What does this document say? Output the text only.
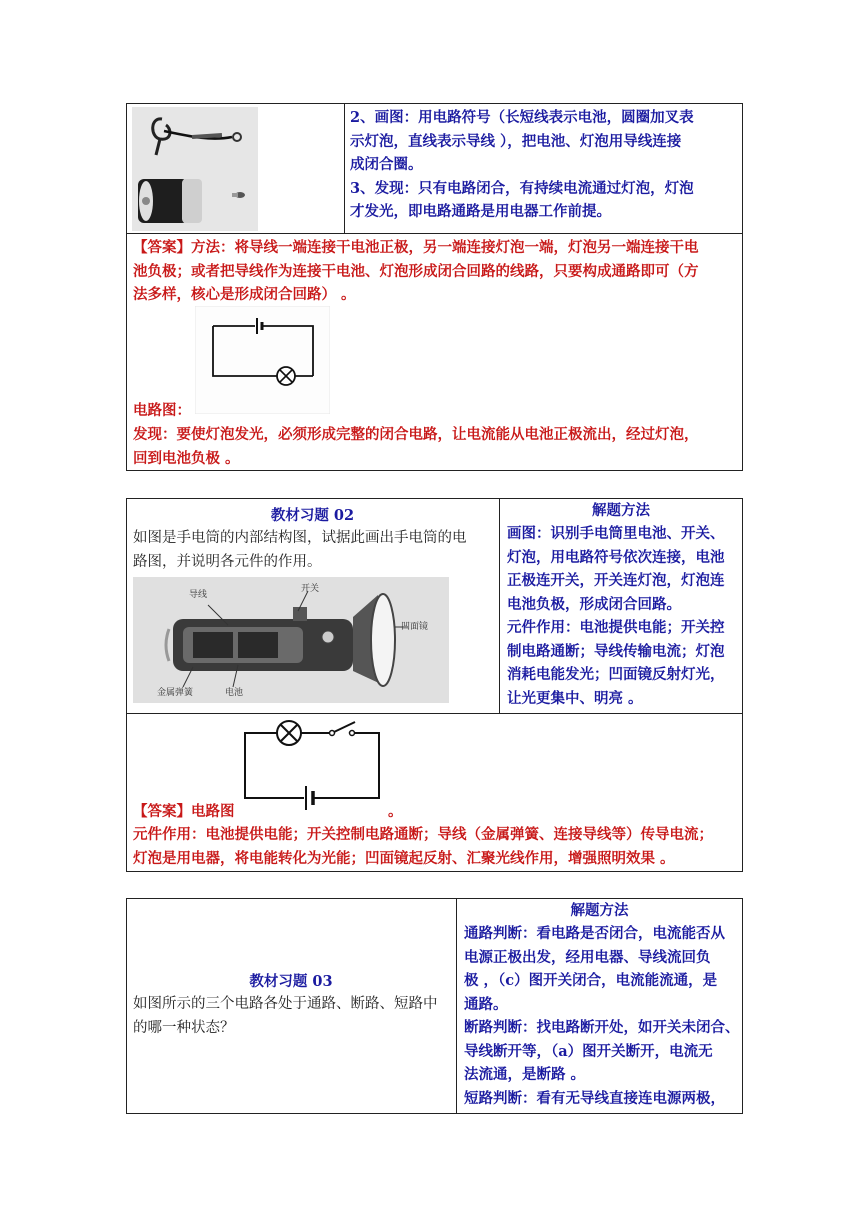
2、画图：用电路符号（长短线表示电池，圆圈加叉表
示灯泡，直线表示导线 ），把电池、灯泡用导线连接
成闭合圈。
3、发现：只有电路闭合，有持续电流通过灯泡，灯泡
才发光，即电路通路是用电器工作前提。
【答案】方法：将导线一端连接干电池正极，另一端连接灯泡一端，灯泡另一端连接干电
池负极；或者把导线作为连接干电池、灯泡形成闭合回路的线路，只要构成通路即可（方
法多样，核心是形成闭合回路） 。
电路图：
发现：要使灯泡发光，必须形成完整的闭合电路，让电流能从电池正极流出，经过灯泡，
回到电池负极 。
教材习题 02
如图是手电筒的内部结构图，试据此画出手电筒的电
路图，并说明各元件的作用。
导线
开关
凹面镜
金属弹簧	电池
解题方法
画图：识别手电筒里电池、开关、
灯泡，用电路符号依次连接，电池
正极连开关，开关连灯泡，灯泡连
电池负极，形成闭合回路。
元件作用：电池提供电能；开关控
制电路通断；导线传输电流；灯泡
消耗电能发光；凹面镜反射灯光，
让光更集中、明亮 。
【答案】电路图	。
元件作用：电池提供电能；开关控制电路通断；导线（金属弹簧、连接导线等）传导电流；
灯泡是用电器，将电能转化为光能；凹面镜起反射、汇聚光线作用，增强照明效果 。
教材习题 03
如图所示的三个电路各处于通路、断路、短路中
的哪一种状态？
解题方法
通路判断：看电路是否闭合，电流能否从
电源正极出发，经用电器、导线流回负
极 ，（c）图开关闭合，电流能流通，是
通路。
断路判断：找电路断开处，如开关未闭合、
导线断开等，（a）图开关断开，电流无
法流通，是断路 。
短路判断：看有无导线直接连电源两极，
